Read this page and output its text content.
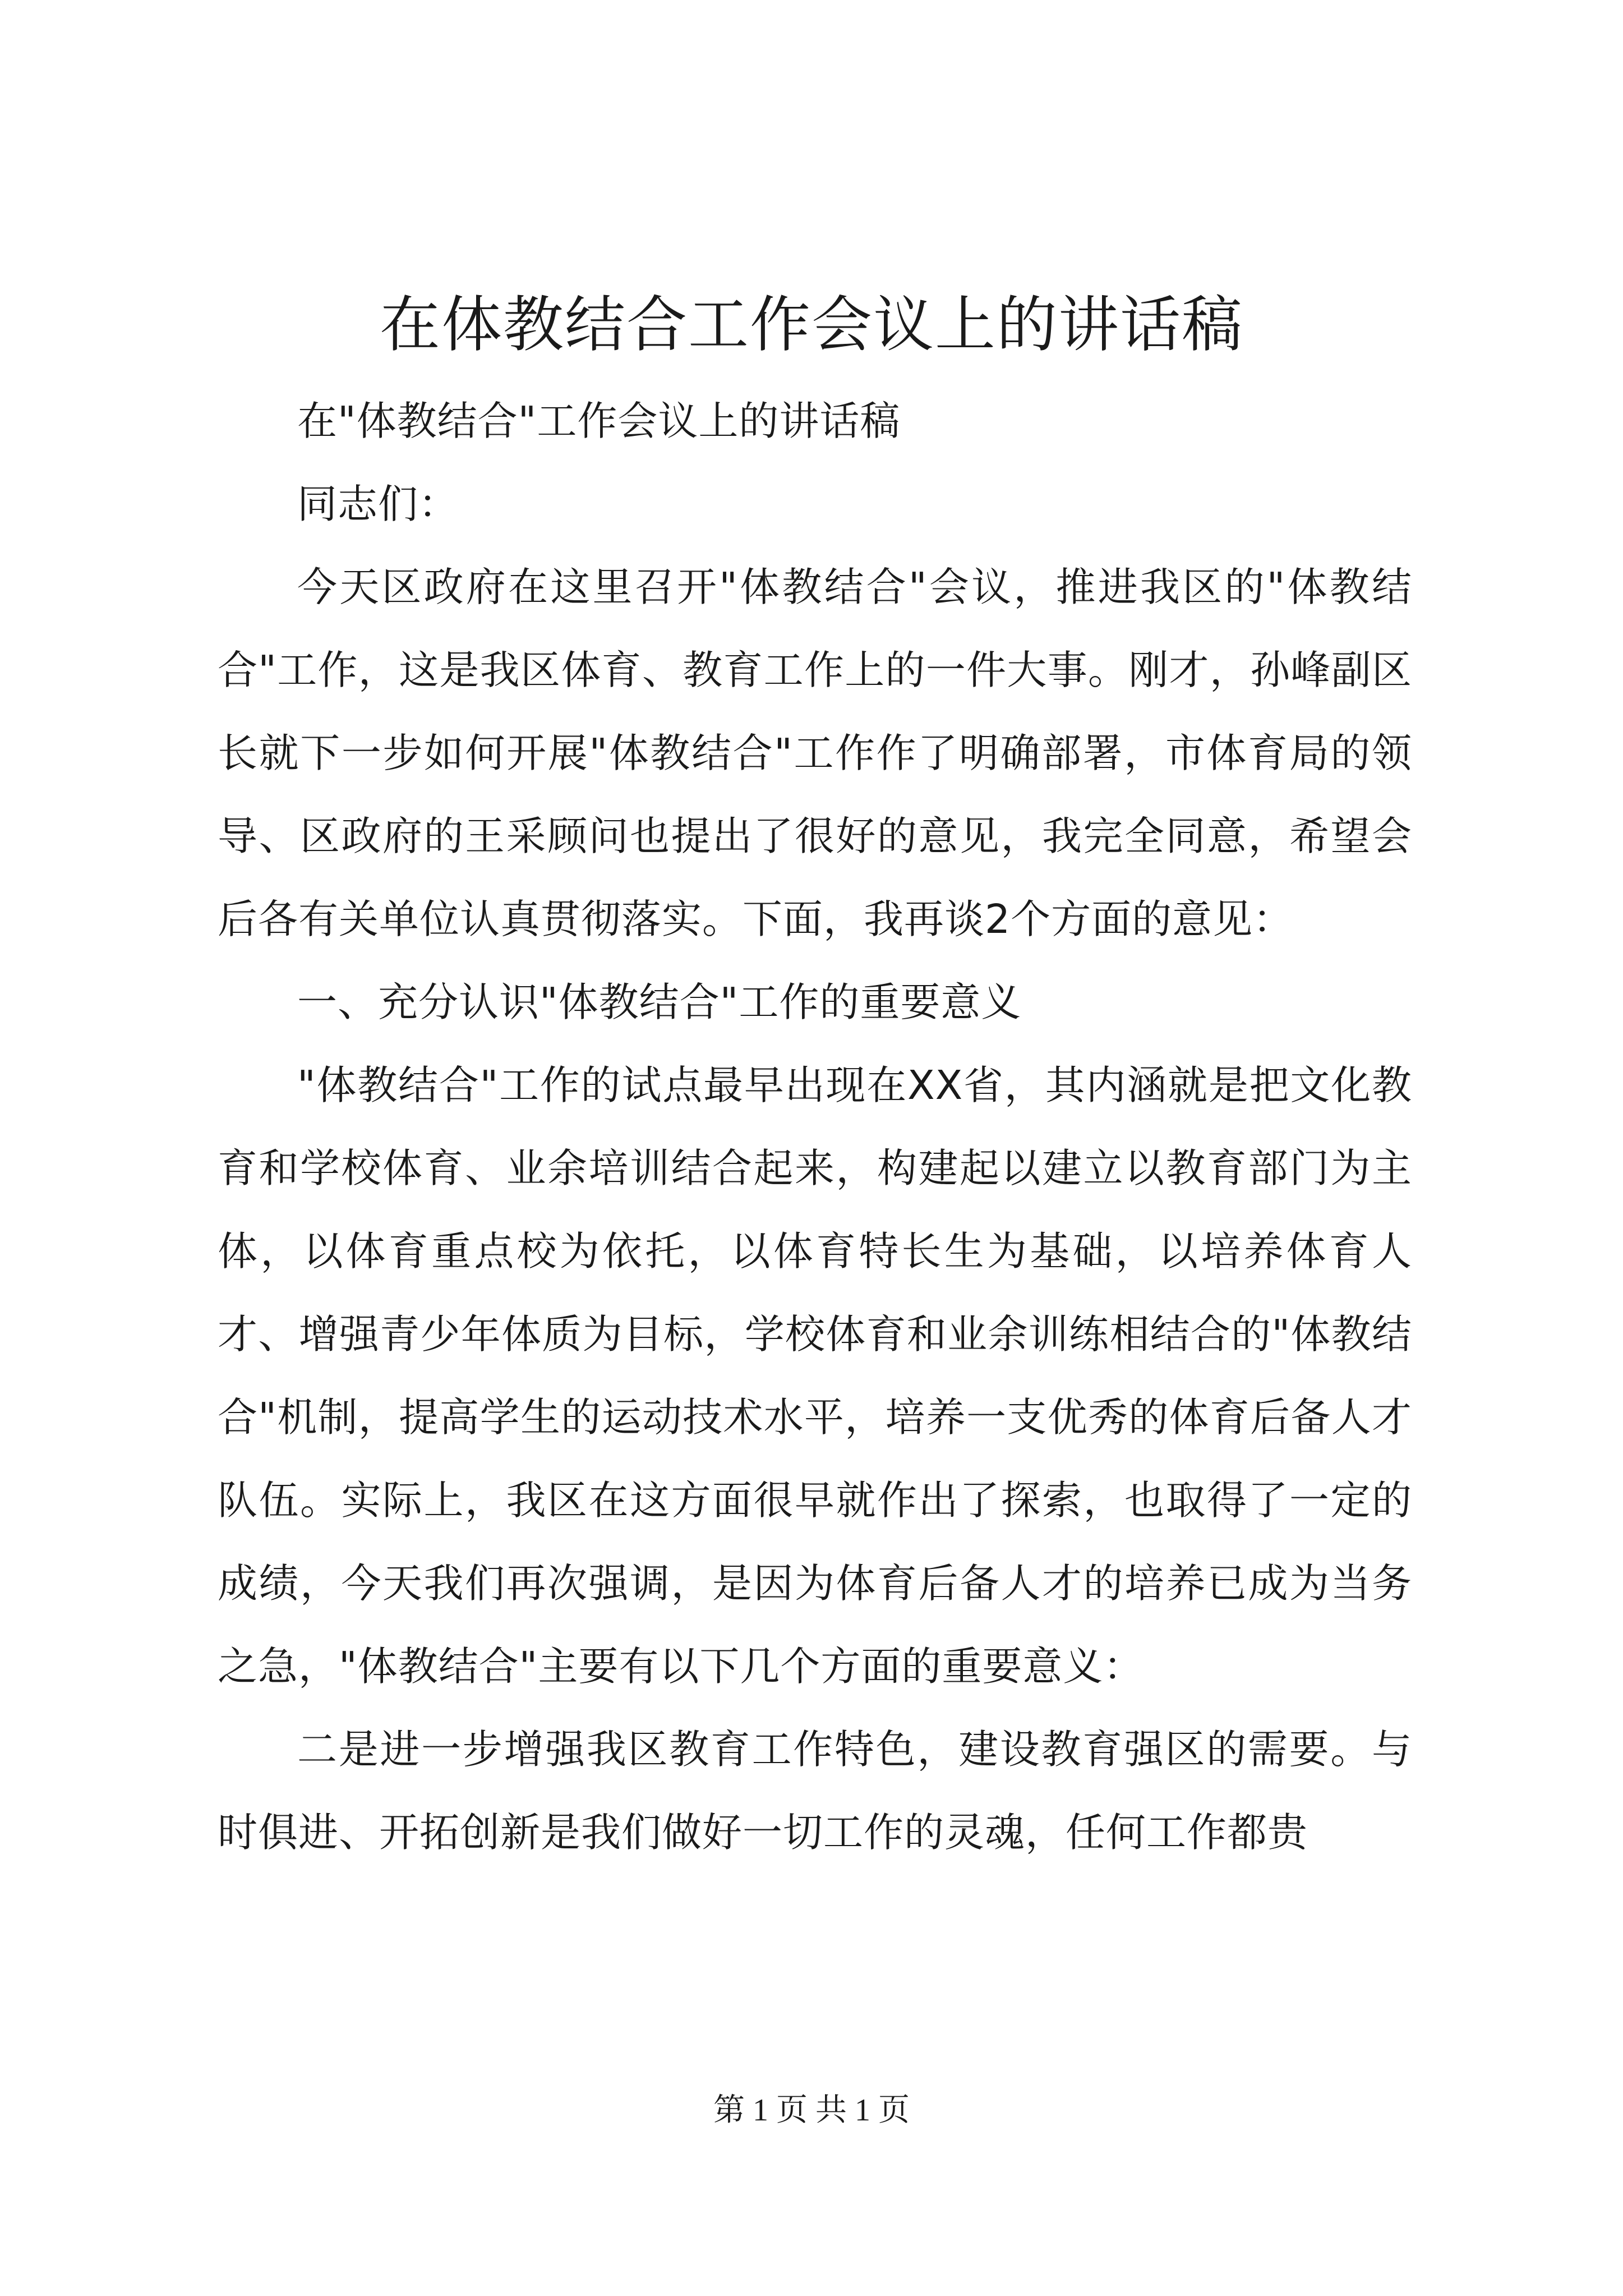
在体教结合工作会议上的讲话稿

在"体教结合"工作会议上的讲话稿

同志们：

今天区政府在这里召开"体教结合"会议，推进我区的"体教结合"工作，这是我区体育、教育工作上的一件大事。刚才，孙峰副区长就下一步如何开展"体教结合"工作作了明确部署，市体育局的领导、区政府的王采顾问也提出了很好的意见，我完全同意，希望会后各有关单位认真贯彻落实。下面，我再谈2个方面的意见：

一、充分认识"体教结合"工作的重要意义

"体教结合"工作的试点最早出现在XX省，其内涵就是把文化教育和学校体育、业余培训结合起来，构建起以建立以教育部门为主体，以体育重点校为依托，以体育特长生为基础，以培养体育人才、增强青少年体质为目标，学校体育和业余训练相结合的"体教结合"机制，提高学生的运动技术水平，培养一支优秀的体育后备人才队伍。实际上，我区在这方面很早就作出了探索，也取得了一定的成绩，今天我们再次强调，是因为体育后备人才的培养已成为当务之急，"体教结合"主要有以下几个方面的重要意义：

二是进一步增强我区教育工作特色，建设教育强区的需要。与时俱进、开拓创新是我们做好一切工作的灵魂，任何工作都贵

第 1 页 共 1 页
